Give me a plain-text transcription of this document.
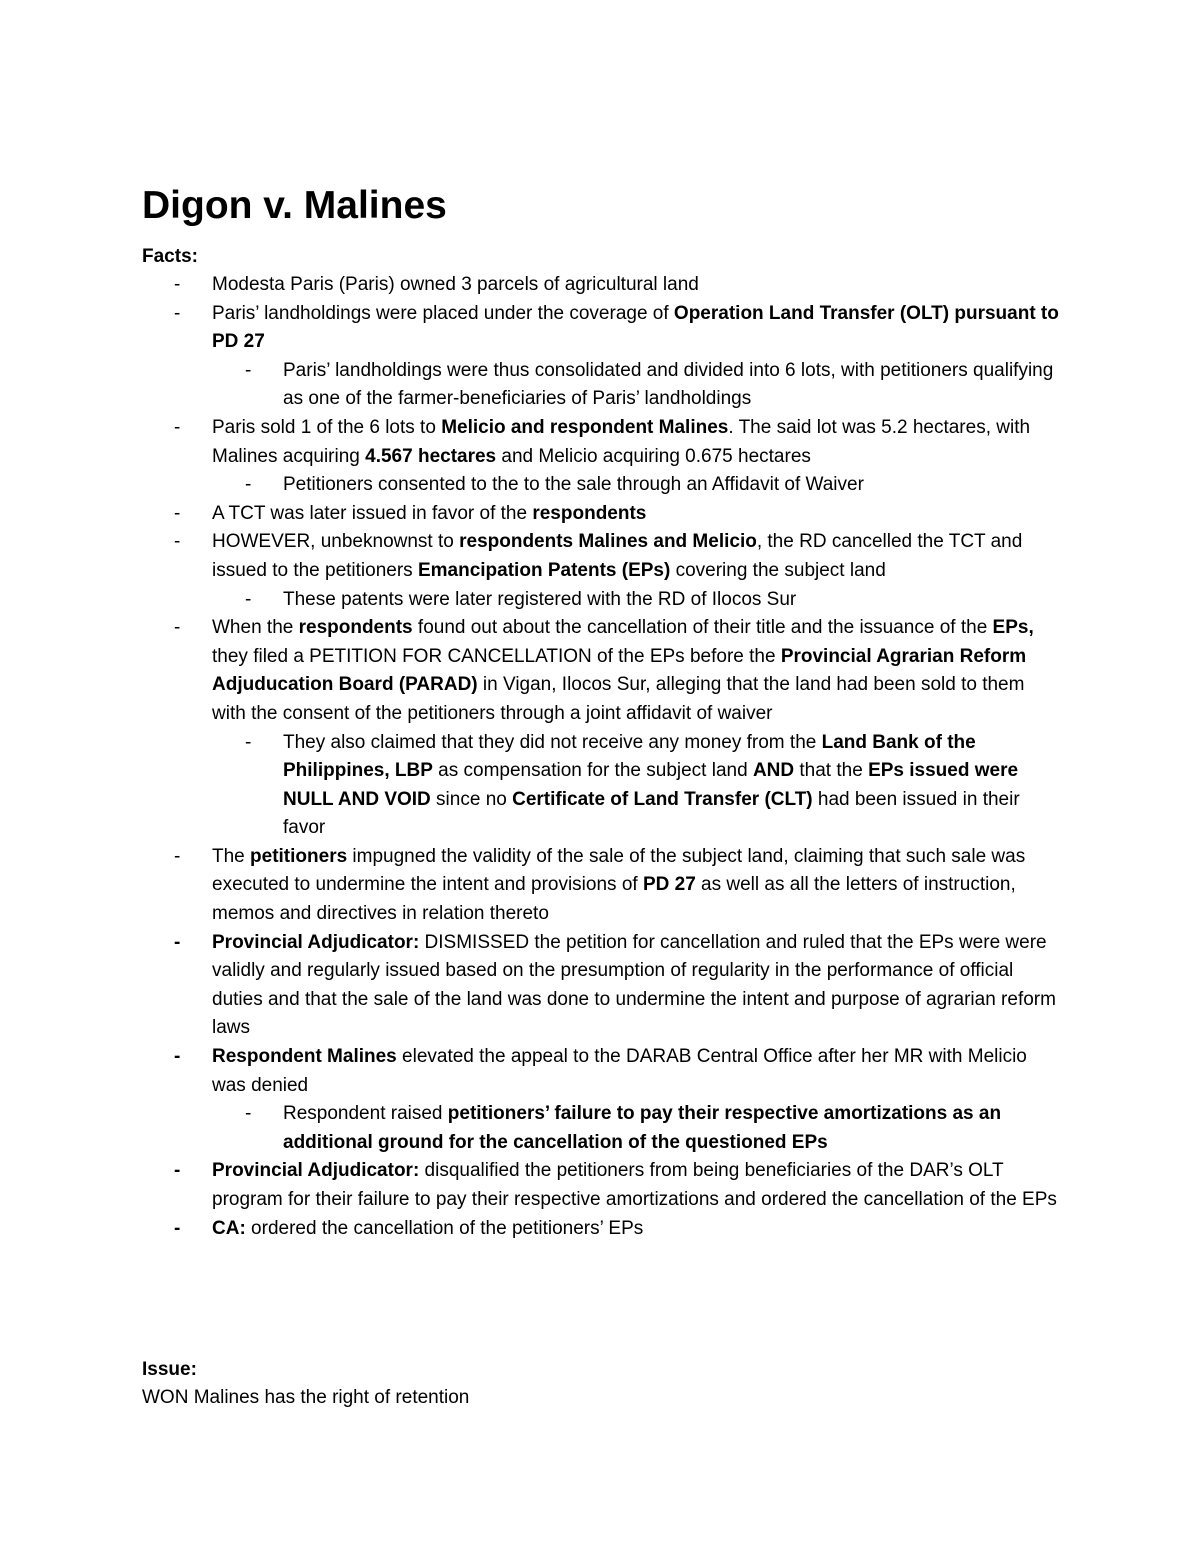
Digon v. Malines
Facts:
- Modesta Paris (Paris) owned 3 parcels of agricultural land
- Paris’ landholdings were placed under the coverage of Operation Land Transfer (OLT) pursuant to PD 27
- Paris’ landholdings were thus consolidated and divided into 6 lots, with petitioners qualifying as one of the farmer-beneficiaries of Paris’ landholdings
- Paris sold 1 of the 6 lots to Melicio and respondent Malines. The said lot was 5.2 hectares, with Malines acquiring 4.567 hectares and Melicio acquiring 0.675 hectares
- Petitioners consented to the to the sale through an Affidavit of Waiver
- A TCT was later issued in favor of the respondents
- HOWEVER, unbeknownst to respondents Malines and Melicio, the RD cancelled the TCT and issued to the petitioners Emancipation Patents (EPs) covering the subject land
- These patents were later registered with the RD of Ilocos Sur
- When the respondents found out about the cancellation of their title and the issuance of the EPs, they filed a PETITION FOR CANCELLATION of the EPs before the Provincial Agrarian Reform Adjuducation Board (PARAD) in Vigan, Ilocos Sur, alleging that the land had been sold to them with the consent of the petitioners through a joint affidavit of waiver
- They also claimed that they did not receive any money from the Land Bank of the Philippines, LBP as compensation for the subject land AND that the EPs issued were NULL AND VOID since no Certificate of Land Transfer (CLT) had been issued in their favor
- The petitioners impugned the validity of the sale of the subject land, claiming that such sale was executed to undermine the intent and provisions of PD 27 as well as all the letters of instruction, memos and directives in relation thereto
- Provincial Adjudicator: DISMISSED the petition for cancellation and ruled that the EPs were were validly and regularly issued based on the presumption of regularity in the performance of official duties and that the sale of the land was done to undermine the intent and purpose of agrarian reform laws
- Respondent Malines elevated the appeal to the DARAB Central Office after her MR with Melicio was denied
- Respondent raised petitioners’ failure to pay their respective amortizations as an additional ground for the cancellation of the questioned EPs
- Provincial Adjudicator: disqualified the petitioners from being beneficiaries of the DAR’s OLT program for their failure to pay their respective amortizations and ordered the cancellation of the EPs
- CA: ordered the cancellation of the petitioners’ EPs
Issue:
WON Malines has the right of retention
